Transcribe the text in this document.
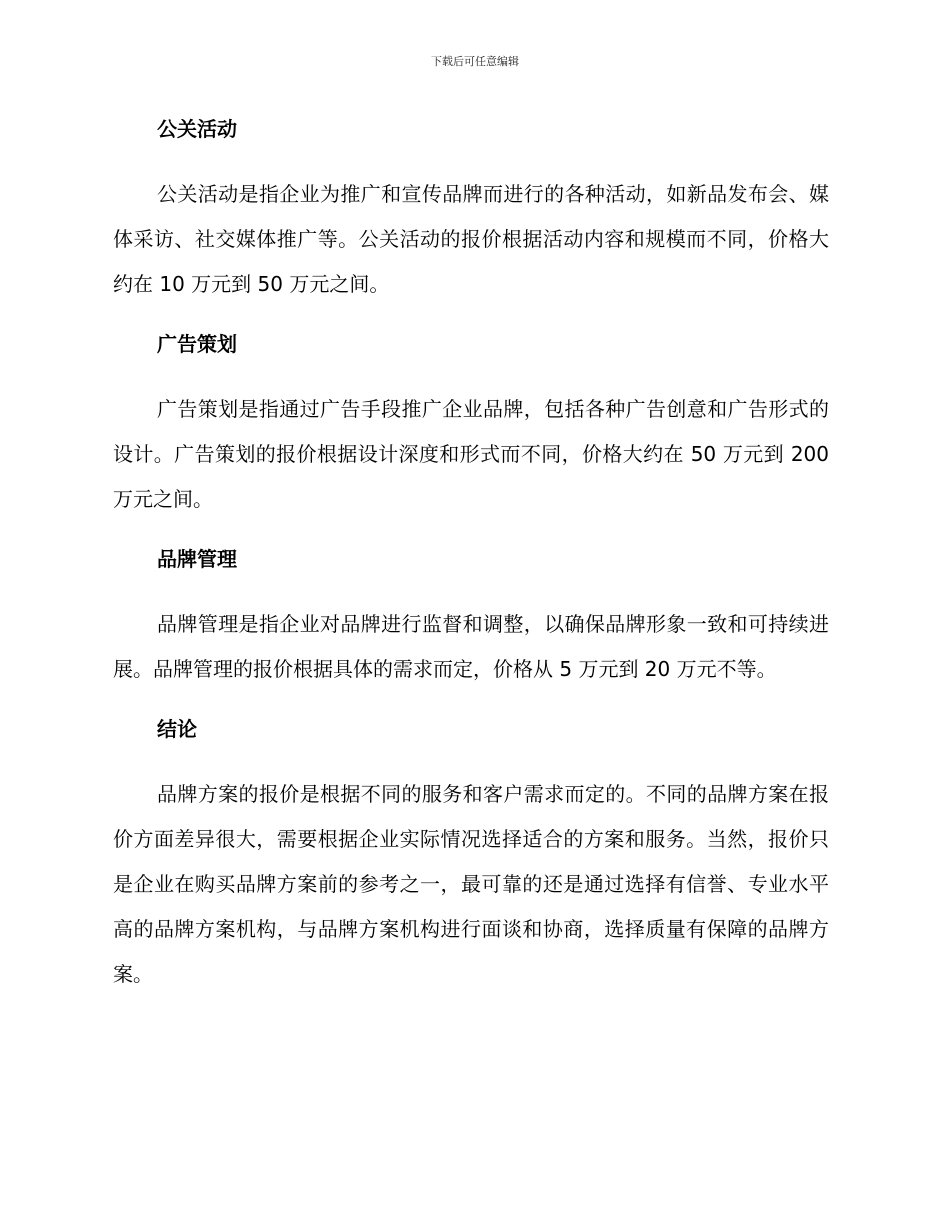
下载后可任意编辑
公关活动

公关活动是指企业为推广和宣传品牌而进行的各种活动，如新品发布会、媒体采访、社交媒体推广等。公关活动的报价根据活动内容和规模而不同，价格大约在 10 万元到 50 万元之间。

广告策划

广告策划是指通过广告手段推广企业品牌，包括各种广告创意和广告形式的设计。广告策划的报价根据设计深度和形式而不同，价格大约在 50 万元到 200 万元之间。

品牌管理

品牌管理是指企业对品牌进行监督和调整，以确保品牌形象一致和可持续进展。品牌管理的报价根据具体的需求而定，价格从 5 万元到 20 万元不等。

结论

品牌方案的报价是根据不同的服务和客户需求而定的。不同的品牌方案在报价方面差异很大，需要根据企业实际情况选择适合的方案和服务。当然，报价只是企业在购买品牌方案前的参考之一，最可靠的还是通过选择有信誉、专业水平高的品牌方案机构，与品牌方案机构进行面谈和协商，选择质量有保障的品牌方案。
